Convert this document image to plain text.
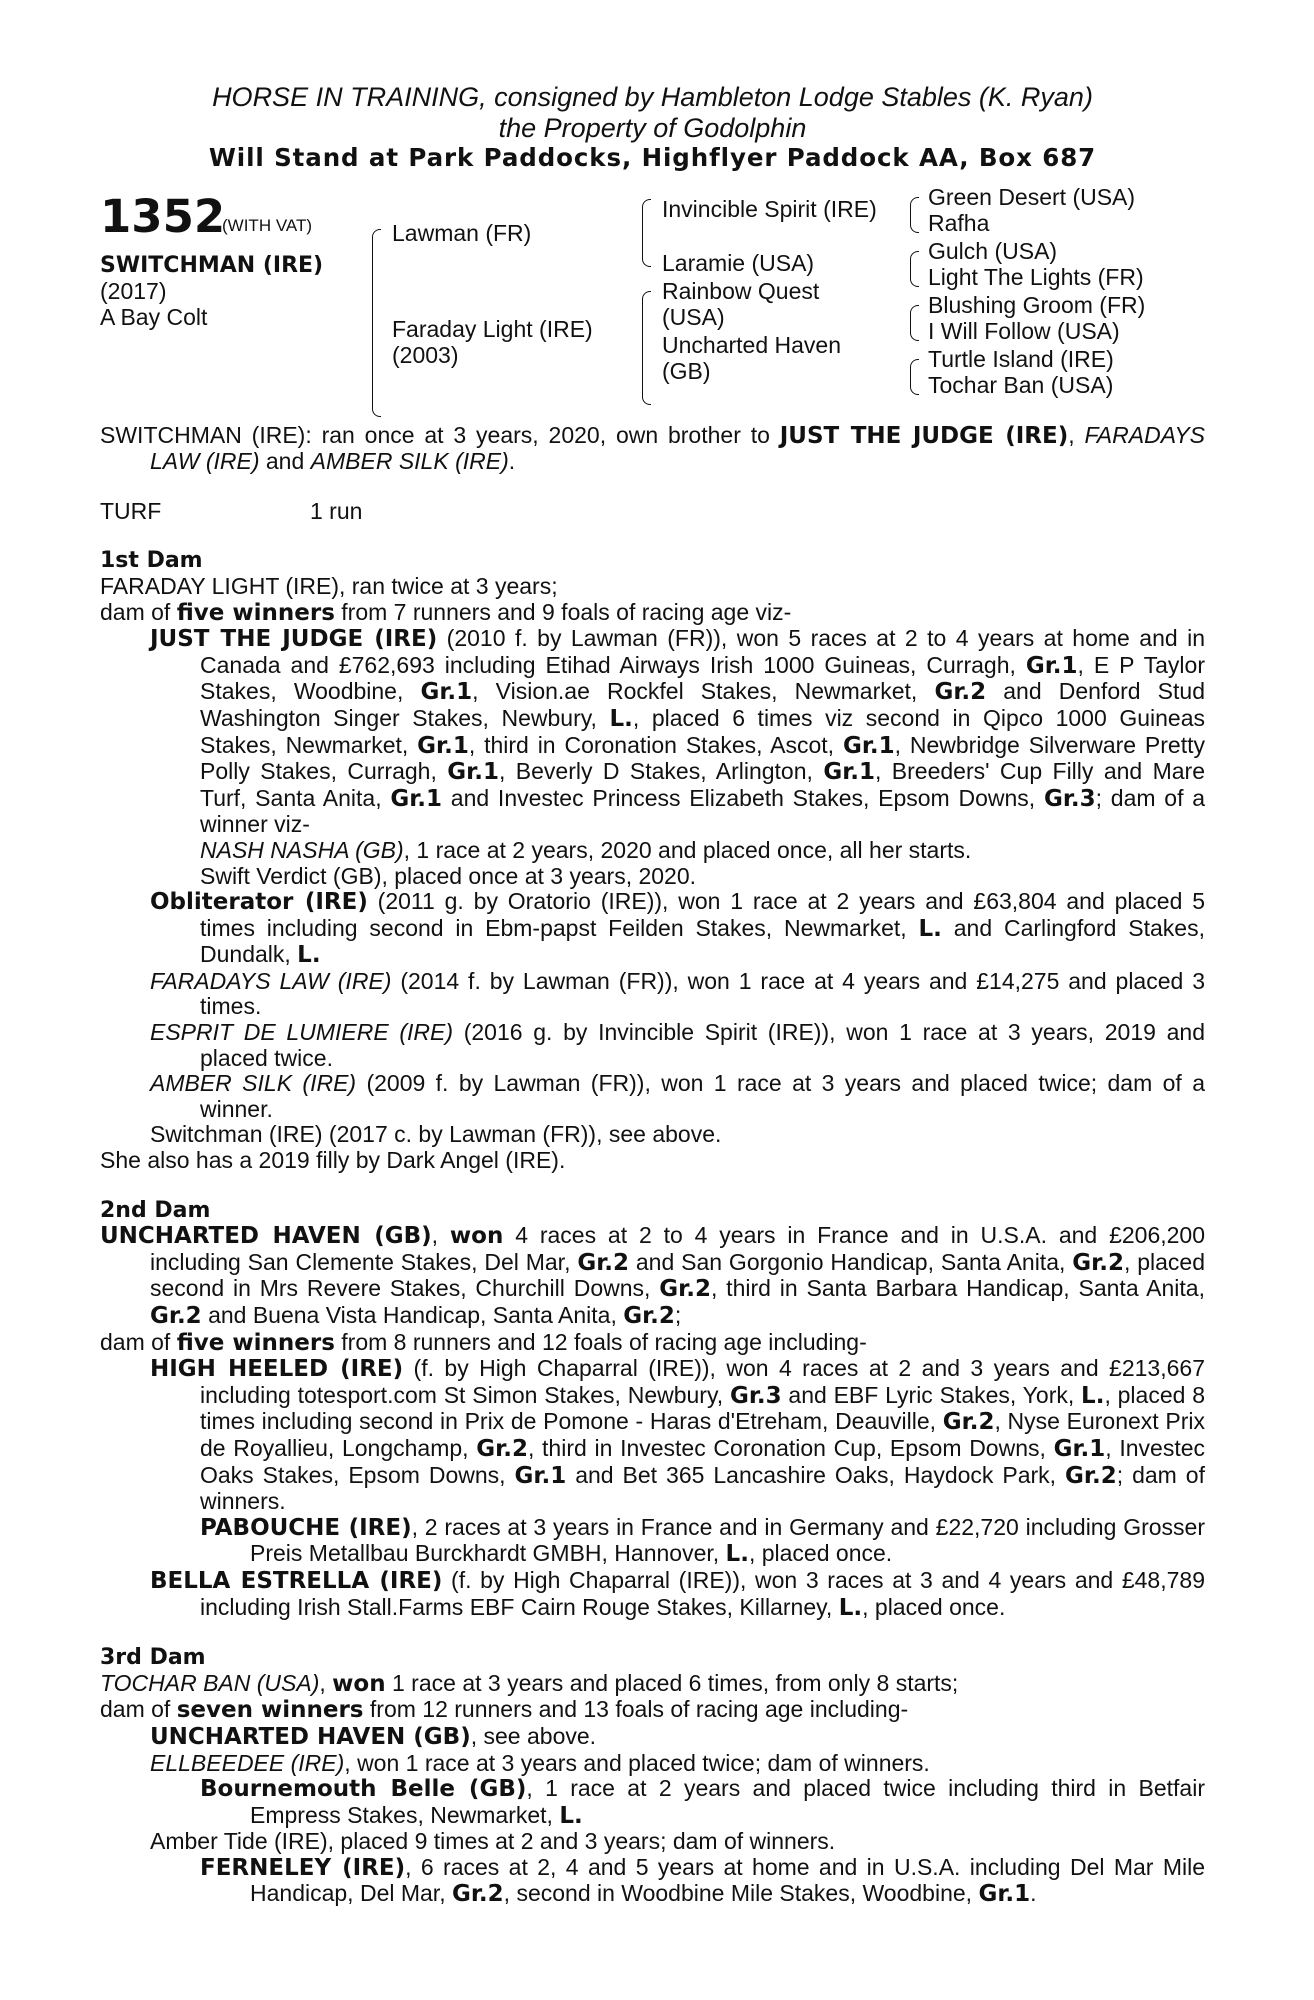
HORSE IN TRAINING, consigned by Hambleton Lodge Stables (K. Ryan)
the Property of Godolphin
Will Stand at Park Paddocks, Highflyer Paddock AA, Box 687
1352
(WITH VAT)
SWITCHMAN (IRE)
(2017)
A Bay Colt
Lawman (FR)
Faraday Light (IRE)
(2003)
Invincible Spirit (IRE)
Laramie (USA)
Rainbow Quest
(USA)
Uncharted Haven
(GB)
Green Desert (USA)
Rafha
Gulch (USA)
Light The Lights (FR)
Blushing Groom (FR)
I Will Follow (USA)
Turtle Island (IRE)
Tochar Ban (USA)

SWITCHMAN (IRE): ran once at 3 years, 2020, own brother to JUST THE JUDGE (IRE), FARADAYS LAW (IRE) and AMBER SILK (IRE).

TURF	1 run

1st Dam

FARADAY LIGHT (IRE), ran twice at 3 years;

dam of five winners from 7 runners and 9 foals of racing age viz-

JUST THE JUDGE (IRE) (2010 f. by Lawman (FR)), won 5 races at 2 to 4 years at home and in Canada and £762,693 including Etihad Airways Irish 1000 Guineas, Curragh, Gr.1, E P Taylor Stakes, Woodbine, Gr.1, Vision.ae Rockfel Stakes, Newmarket, Gr.2 and Denford Stud Washington Singer Stakes, Newbury, L., placed 6 times viz second in Qipco 1000 Guineas Stakes, Newmarket, Gr.1, third in Coronation Stakes, Ascot, Gr.1, Newbridge Silverware Pretty Polly Stakes, Curragh, Gr.1, Beverly D Stakes, Arlington, Gr.1, Breeders' Cup Filly and Mare Turf, Santa Anita, Gr.1 and Investec Princess Elizabeth Stakes, Epsom Downs, Gr.3; dam of a winner viz-

NASH NASHA (GB), 1 race at 2 years, 2020 and placed once, all her starts.

Swift Verdict (GB), placed once at 3 years, 2020.

Obliterator (IRE) (2011 g. by Oratorio (IRE)), won 1 race at 2 years and £63,804 and placed 5 times including second in Ebm-papst Feilden Stakes, Newmarket, L. and Carlingford Stakes, Dundalk, L.

FARADAYS LAW (IRE) (2014 f. by Lawman (FR)), won 1 race at 4 years and £14,275 and placed 3 times.

ESPRIT DE LUMIERE (IRE) (2016 g. by Invincible Spirit (IRE)), won 1 race at 3 years, 2019 and placed twice.

AMBER SILK (IRE) (2009 f. by Lawman (FR)), won 1 race at 3 years and placed twice; dam of a winner.

Switchman (IRE) (2017 c. by Lawman (FR)), see above.

She also has a 2019 filly by Dark Angel (IRE).

2nd Dam

UNCHARTED HAVEN (GB), won 4 races at 2 to 4 years in France and in U.S.A. and £206,200 including San Clemente Stakes, Del Mar, Gr.2 and San Gorgonio Handicap, Santa Anita, Gr.2, placed second in Mrs Revere Stakes, Churchill Downs, Gr.2, third in Santa Barbara Handicap, Santa Anita, Gr.2 and Buena Vista Handicap, Santa Anita, Gr.2;

dam of five winners from 8 runners and 12 foals of racing age including-

HIGH HEELED (IRE) (f. by High Chaparral (IRE)), won 4 races at 2 and 3 years and £213,667 including totesport.com St Simon Stakes, Newbury, Gr.3 and EBF Lyric Stakes, York, L., placed 8 times including second in Prix de Pomone - Haras d'Etreham, Deauville, Gr.2, Nyse Euronext Prix de Royallieu, Longchamp, Gr.2, third in Investec Coronation Cup, Epsom Downs, Gr.1, Investec Oaks Stakes, Epsom Downs, Gr.1 and Bet 365 Lancashire Oaks, Haydock Park, Gr.2; dam of winners.

PABOUCHE (IRE), 2 races at 3 years in France and in Germany and £22,720 including Grosser Preis Metallbau Burckhardt GMBH, Hannover, L., placed once.

BELLA ESTRELLA (IRE) (f. by High Chaparral (IRE)), won 3 races at 3 and 4 years and £48,789 including Irish Stall.Farms EBF Cairn Rouge Stakes, Killarney, L., placed once.

3rd Dam

TOCHAR BAN (USA), won 1 race at 3 years and placed 6 times, from only 8 starts;

dam of seven winners from 12 runners and 13 foals of racing age including-

UNCHARTED HAVEN (GB), see above.

ELLBEEDEE (IRE), won 1 race at 3 years and placed twice; dam of winners.

Bournemouth Belle (GB), 1 race at 2 years and placed twice including third in Betfair Empress Stakes, Newmarket, L.

Amber Tide (IRE), placed 9 times at 2 and 3 years; dam of winners.

FERNELEY (IRE), 6 races at 2, 4 and 5 years at home and in U.S.A. including Del Mar Mile Handicap, Del Mar, Gr.2, second in Woodbine Mile Stakes, Woodbine, Gr.1.
